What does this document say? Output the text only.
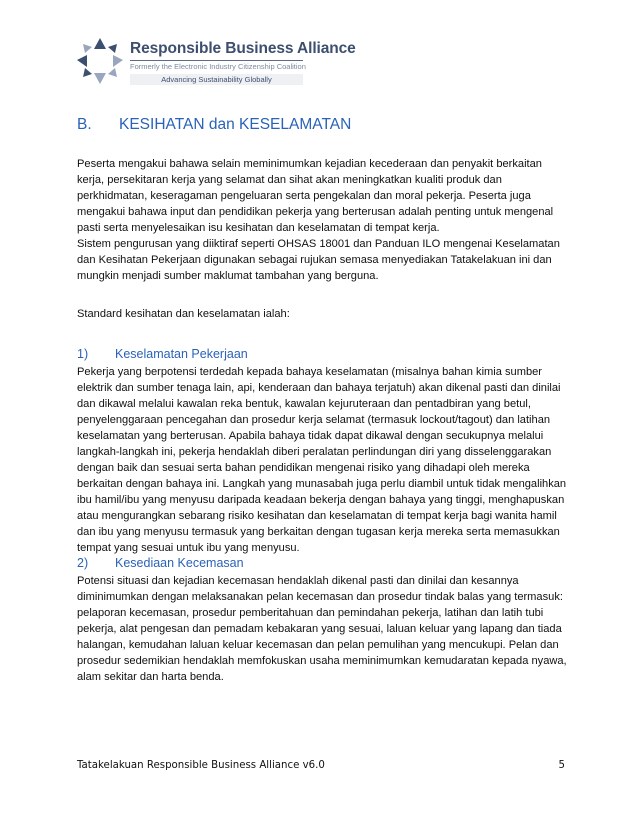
Responsible Business Alliance
Formerly the Electronic Industry Citizenship Coalition
Advancing Sustainability Globally
B. KESIHATAN dan KESELAMATAN

Peserta mengakui bahawa selain meminimumkan kejadian kecederaan dan penyakit berkaitan kerja, persekitaran kerja yang selamat dan sihat akan meningkatkan kualiti produk dan perkhidmatan, keseragaman pengeluaran serta pengekalan dan moral pekerja. Peserta juga mengakui bahawa input dan pendidikan pekerja yang berterusan adalah penting untuk mengenal pasti serta menyelesaikan isu kesihatan dan keselamatan di tempat kerja.

Sistem pengurusan yang diiktiraf seperti OHSAS 18001 dan Panduan ILO mengenai Keselamatan dan Kesihatan Pekerjaan digunakan sebagai rujukan semasa menyediakan Tatakelakuan ini dan mungkin menjadi sumber maklumat tambahan yang berguna.

Standard kesihatan dan keselamatan ialah:

1) Keselamatan Pekerjaan

Pekerja yang berpotensi terdedah kepada bahaya keselamatan (misalnya bahan kimia sumber elektrik dan sumber tenaga lain, api, kenderaan dan bahaya terjatuh) akan dikenal pasti dan dinilai dan dikawal melalui kawalan reka bentuk, kawalan kejuruteraan dan pentadbiran yang betul, penyelenggaraan pencegahan dan prosedur kerja selamat (termasuk lockout/tagout) dan latihan keselamatan yang berterusan. Apabila bahaya tidak dapat dikawal dengan secukupnya melalui langkah-langkah ini, pekerja hendaklah diberi peralatan perlindungan diri yang disselenggarakan dengan baik dan sesuai serta bahan pendidikan mengenai risiko yang dihadapi oleh mereka berkaitan dengan bahaya ini. Langkah yang munasabah juga perlu diambil untuk tidak mengalihkan ibu hamil/ibu yang menyusu daripada keadaan bekerja dengan bahaya yang tinggi, menghapuskan atau mengurangkan sebarang risiko kesihatan dan keselamatan di tempat kerja bagi wanita hamil dan ibu yang menyusu termasuk yang berkaitan dengan tugasan kerja mereka serta memasukkan tempat yang sesuai untuk ibu yang menyusu.

2) Kesediaan Kecemasan

Potensi situasi dan kejadian kecemasan hendaklah dikenal pasti dan dinilai dan kesannya diminimumkan dengan melaksanakan pelan kecemasan dan prosedur tindak balas yang termasuk: pelaporan kecemasan, prosedur pemberitahuan dan pemindahan pekerja, latihan dan latih tubi pekerja, alat pengesan dan pemadam kebakaran yang sesuai, laluan keluar yang lapang dan tiada halangan, kemudahan laluan keluar kecemasan dan pelan pemulihan yang mencukupi. Pelan dan prosedur sedemikian hendaklah memfokuskan usaha meminimumkan kemudaratan kepada nyawa, alam sekitar dan harta benda.

Tatakelakuan Responsible Business Alliance v6.0	5
